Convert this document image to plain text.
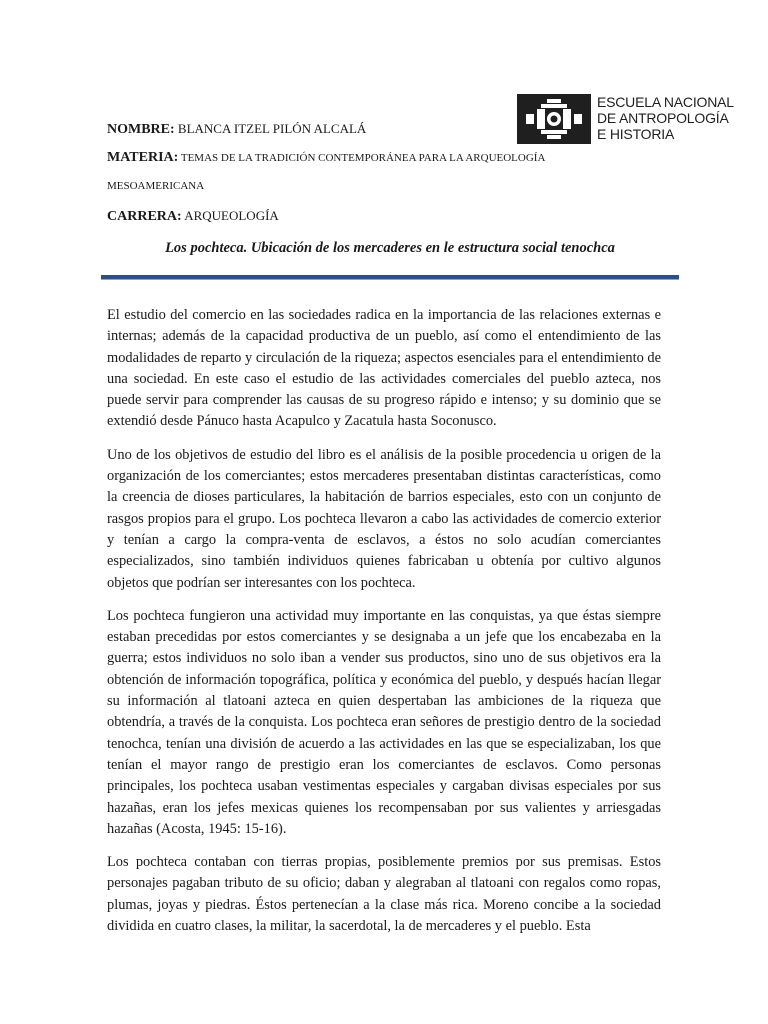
ESCUELA NACIONAL
DE ANTROPOLOGÍA
E HISTORIA
NOMBRE: BLANCA ITZEL PILÓN ALCALÁ
MATERIA: TEMAS DE LA TRADICIÓN CONTEMPORÁNEA PARA LA ARQUEOLOGÍA
MESOAMERICANA
CARRERA: ARQUEOLOGÍA
Los pochteca. Ubicación de los mercaderes en le estructura social tenochca

El estudio del comercio en las sociedades radica en la importancia de las relaciones externas e internas; además de la capacidad productiva de un pueblo, así como el entendimiento de las modalidades de reparto y circulación de la riqueza; aspectos esenciales para el entendimiento de una sociedad. En este caso el estudio de las actividades comerciales del pueblo azteca, nos puede servir para comprender las causas de su progreso rápido e intenso; y su dominio que se extendió desde Pánuco hasta Acapulco y Zacatula hasta Soconusco.

Uno de los objetivos de estudio del libro es el análisis de la posible procedencia u origen de la organización de los comerciantes; estos mercaderes presentaban distintas características, como la creencia de dioses particulares, la habitación de barrios especiales, esto con un conjunto de rasgos propios para el grupo. Los pochteca llevaron a cabo las actividades de comercio exterior y tenían a cargo la compra-venta de esclavos, a éstos no solo acudían comerciantes especializados, sino también individuos quienes fabricaban u obtenía por cultivo algunos objetos que podrían ser interesantes con los pochteca.

Los pochteca fungieron una actividad muy importante en las conquistas, ya que éstas siempre estaban precedidas por estos comerciantes y se designaba a un jefe que los encabezaba en la guerra; estos individuos no solo iban a vender sus productos, sino uno de sus objetivos era la obtención de información topográfica, política y económica del pueblo, y después hacían llegar su información al tlatoani azteca en quien despertaban las ambiciones de la riqueza que obtendría, a través de la conquista. Los pochteca eran señores de prestigio dentro de la sociedad tenochca, tenían una división de acuerdo a las actividades en las que se especializaban, los que tenían el mayor rango de prestigio eran los comerciantes de esclavos. Como personas principales, los pochteca usaban vestimentas especiales y cargaban divisas especiales por sus hazañas, eran los jefes mexicas quienes los recompensaban por sus valientes y arriesgadas hazañas (Acosta, 1945: 15-16).

Los pochteca contaban con tierras propias, posiblemente premios por sus premisas. Estos personajes pagaban tributo de su oficio; daban y alegraban al tlatoani con regalos como ropas, plumas, joyas y piedras. Éstos pertenecían a la clase más rica. Moreno concibe a la sociedad dividida en cuatro clases, la militar, la sacerdotal, la de mercaderes y el pueblo. Esta
